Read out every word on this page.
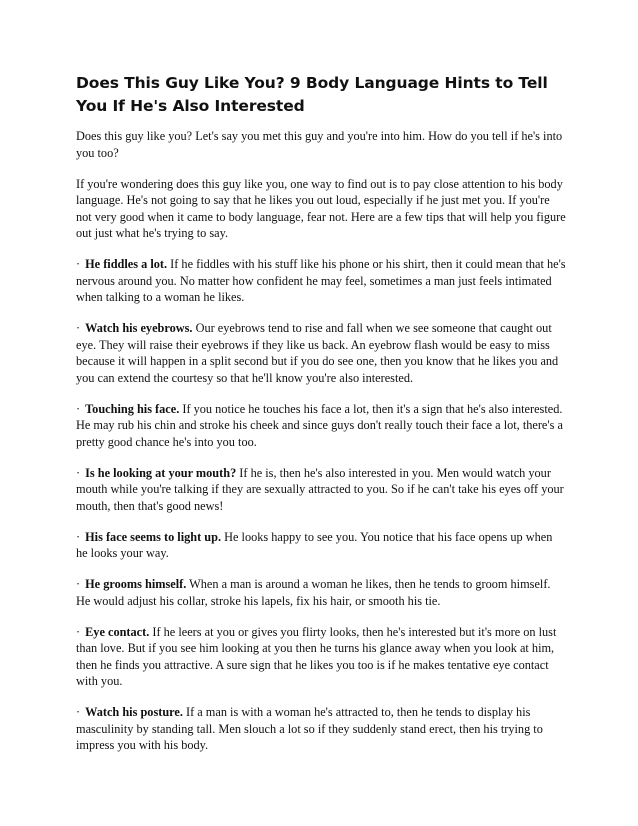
Does This Guy Like You? 9 Body Language Hints to Tell You If He's Also Interested

Does this guy like you? Let's say you met this guy and you're into him. How do you tell if he's into you too?

If you're wondering does this guy like you, one way to find out is to pay close attention to his body language. He's not going to say that he likes you out loud, especially if he just met you. If you're not very good when it came to body language, fear not. Here are a few tips that will help you figure out just what he's trying to say.

· He fiddles a lot. If he fiddles with his stuff like his phone or his shirt, then it could mean that he's nervous around you. No matter how confident he may feel, sometimes a man just feels intimated when talking to a woman he likes.

· Watch his eyebrows. Our eyebrows tend to rise and fall when we see someone that caught out eye. They will raise their eyebrows if they like us back. An eyebrow flash would be easy to miss because it will happen in a split second but if you do see one, then you know that he likes you and you can extend the courtesy so that he'll know you're also interested.

· Touching his face. If you notice he touches his face a lot, then it's a sign that he's also interested. He may rub his chin and stroke his cheek and since guys don't really touch their face a lot, there's a pretty good chance he's into you too.

· Is he looking at your mouth? If he is, then he's also interested in you. Men would watch your mouth while you're talking if they are sexually attracted to you. So if he can't take his eyes off your mouth, then that's good news!

· His face seems to light up. He looks happy to see you. You notice that his face opens up when he looks your way.

· He grooms himself. When a man is around a woman he likes, then he tends to groom himself. He would adjust his collar, stroke his lapels, fix his hair, or smooth his tie.

· Eye contact. If he leers at you or gives you flirty looks, then he's interested but it's more on lust than love. But if you see him looking at you then he turns his glance away when you look at him, then he finds you attractive. A sure sign that he likes you too is if he makes tentative eye contact with you.

· Watch his posture. If a man is with a woman he's attracted to, then he tends to display his masculinity by standing tall. Men slouch a lot so if they suddenly stand erect, then his trying to impress you with his body.
